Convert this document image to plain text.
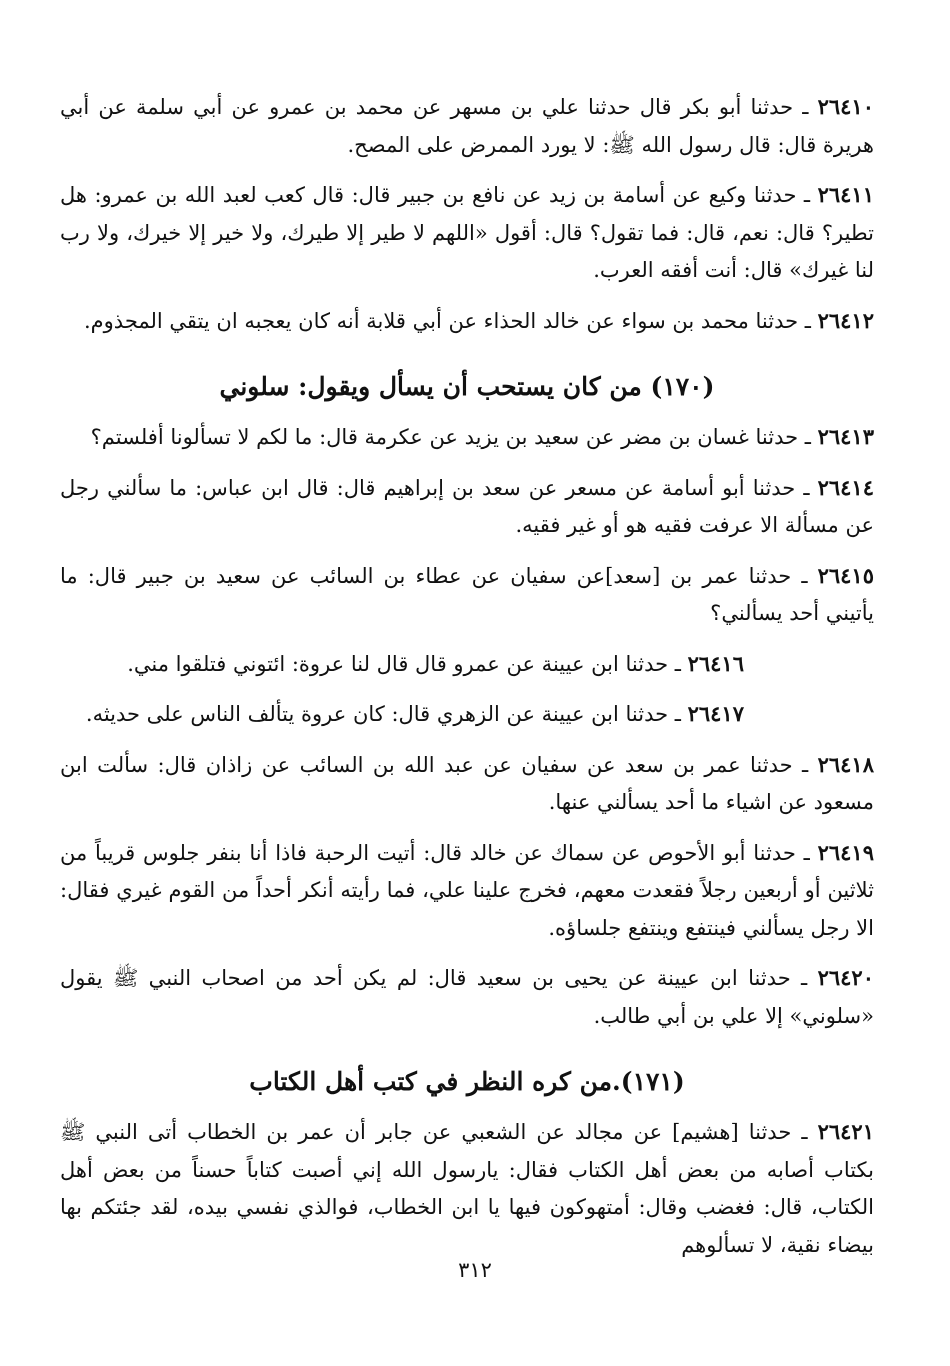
٢٦٤١٠ ـ حدثنا أبو بكر قال حدثنا علي بن مسهر عن محمد بن عمرو عن أبي سلمة عن أبي هريرة قال: قال رسول الله ﷺ: لا يورد الممرض على المصح.
٢٦٤١١ ـ حدثنا وكيع عن أسامة بن زيد عن نافع بن جبير قال: قال كعب لعبد الله بن عمرو: هل تطير؟ قال: نعم، قال: فما تقول؟ قال: أقول «اللهم لا طير إلا طيرك، ولا خير إلا خيرك، ولا رب لنا غيرك» قال: أنت أفقه العرب.
٢٦٤١٢ ـ حدثنا محمد بن سواء عن خالد الحذاء عن أبي قلابة أنه كان يعجبه ان يتقي المجذوم.
(١٧٠) من كان يستحب أن يسأل ويقول: سلوني
٢٦٤١٣ ـ حدثنا غسان بن مضر عن سعيد بن يزيد عن عكرمة قال: ما لكم لا تسألونا أفلستم؟
٢٦٤١٤ ـ حدثنا أبو أسامة عن مسعر عن سعد بن إبراهيم قال: قال ابن عباس: ما سألني رجل عن مسألة الا عرفت فقيه هو أو غير فقيه.
٢٦٤١٥ ـ حدثنا عمر بن [سعد]عن سفيان عن عطاء بن السائب عن سعيد بن جبير قال: ما يأتيني أحد يسألني؟
٢٦٤١٦ ـ حدثنا ابن عيينة عن عمرو قال قال لنا عروة: ائتوني فتلقوا مني.
٢٦٤١٧ ـ حدثنا ابن عيينة عن الزهري قال: كان عروة يتألف الناس على حديثه.
٢٦٤١٨ ـ حدثنا عمر بن سعد عن سفيان عن عبد الله بن السائب عن زاذان قال: سألت ابن مسعود عن اشياء ما أحد يسألني عنها.
٢٦٤١٩ ـ حدثنا أبو الأحوص عن سماك عن خالد قال: أتيت الرحبة فاذا أنا بنفر جلوس قريباً من ثلاثين أو أربعين رجلاً فقعدت معهم، فخرج علينا علي، فما رأيته أنكر أحداً من القوم غيري فقال: الا رجل يسألني فينتفع وينتفع جلساؤه.
٢٦٤٢٠ ـ حدثنا ابن عيينة عن يحيى بن سعيد قال: لم يكن أحد من اصحاب النبي ﷺ يقول «سلوني» إلا علي بن أبي طالب.
(١٧١).من كره النظر في كتب أهل الكتاب
٢٦٤٢١ ـ حدثنا [هشيم] عن مجالد عن الشعبي عن جابر أن عمر بن الخطاب أتى النبي ﷺ بكتاب أصابه من بعض أهل الكتاب فقال: يارسول الله إني أصبت كتاباً حسناً من بعض أهل الكتاب، قال: فغضب وقال: أمتهوكون فيها يا ابن الخطاب، فوالذي نفسي بيده، لقد جئتكم بها بيضاء نقية، لا تسألوهم
٣١٢
